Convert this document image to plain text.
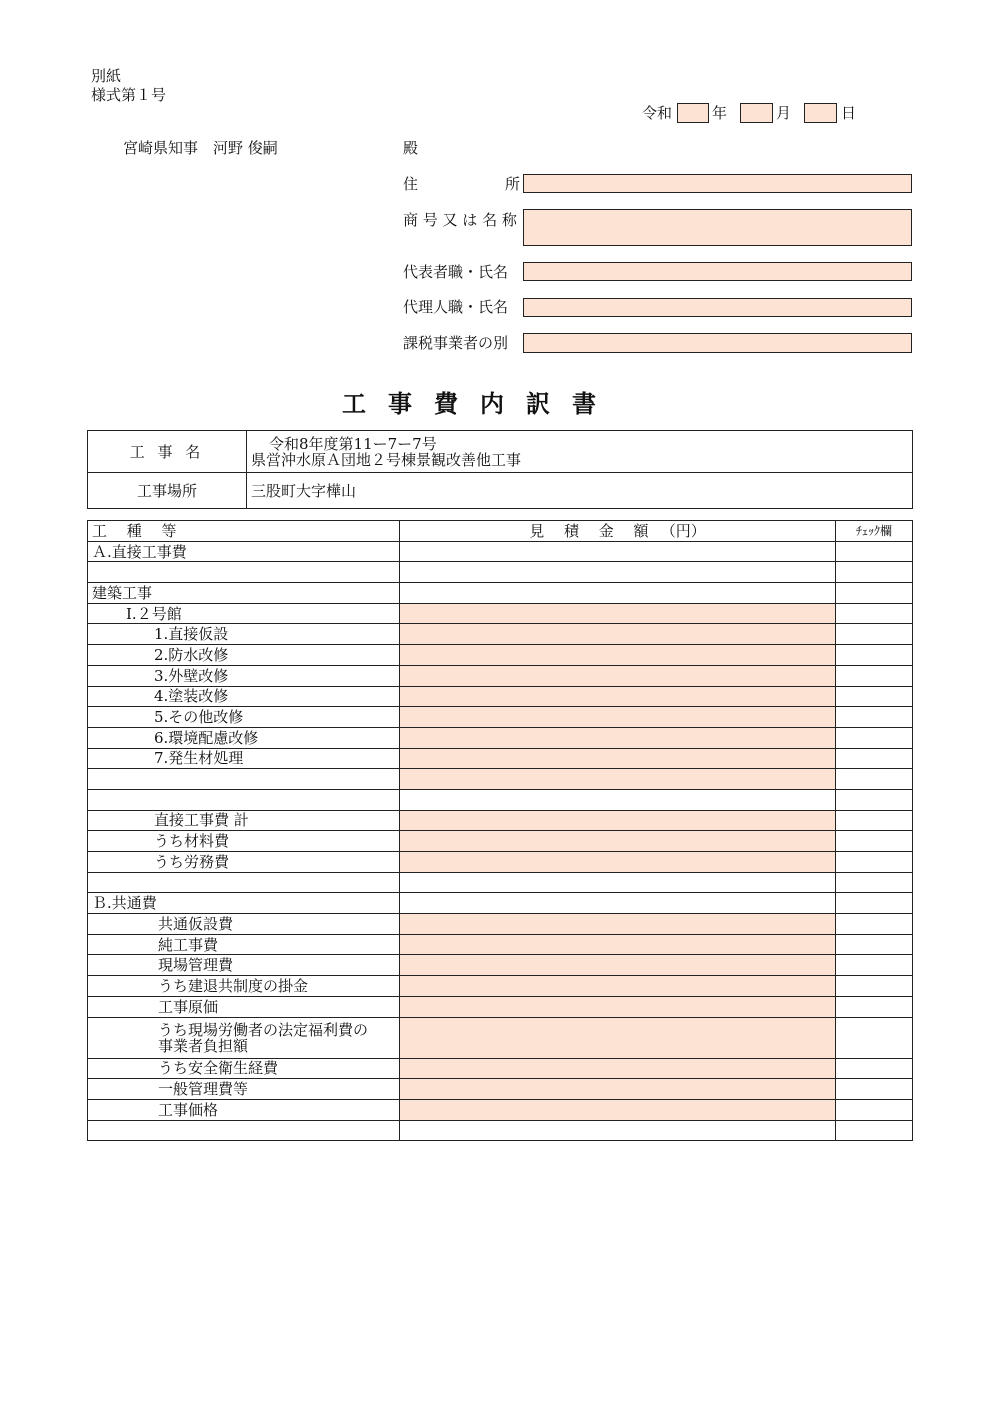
別紙
様式第１号
令和	年	月	日
宮崎県知事　河野 俊嗣	殿
住	所
商 号 又 は 名 称
代表者職・氏名
代理人職・氏名
課税事業者の別
工事費内訳書
工 事 名	令和8年度第11ー7ー7号
県営沖水原Ａ団地２号棟景観改善他工事

工事場所	三股町大字樺山
工　 種 　等	見 　積 　金 　額 　（円）	ﾁｪｯｸ欄

Ａ.直接工事費		

建築工事		

Ⅰ.２号館		

1.直接仮設		

2.防水改修		

3.外壁改修		

4.塗装改修		

5.その他改修		

6.環境配慮改修		

7.発生材処理		

直接工事費 計		

うち材料費		

うち労務費		

Ｂ.共通費		

共通仮設費		

純工事費		

現場管理費		

うち建退共制度の掛金		

工事原価		

うち現場労働者の法定福利費の
事業者負担額		

うち安全衛生経費		

一般管理費等		

工事価格		
